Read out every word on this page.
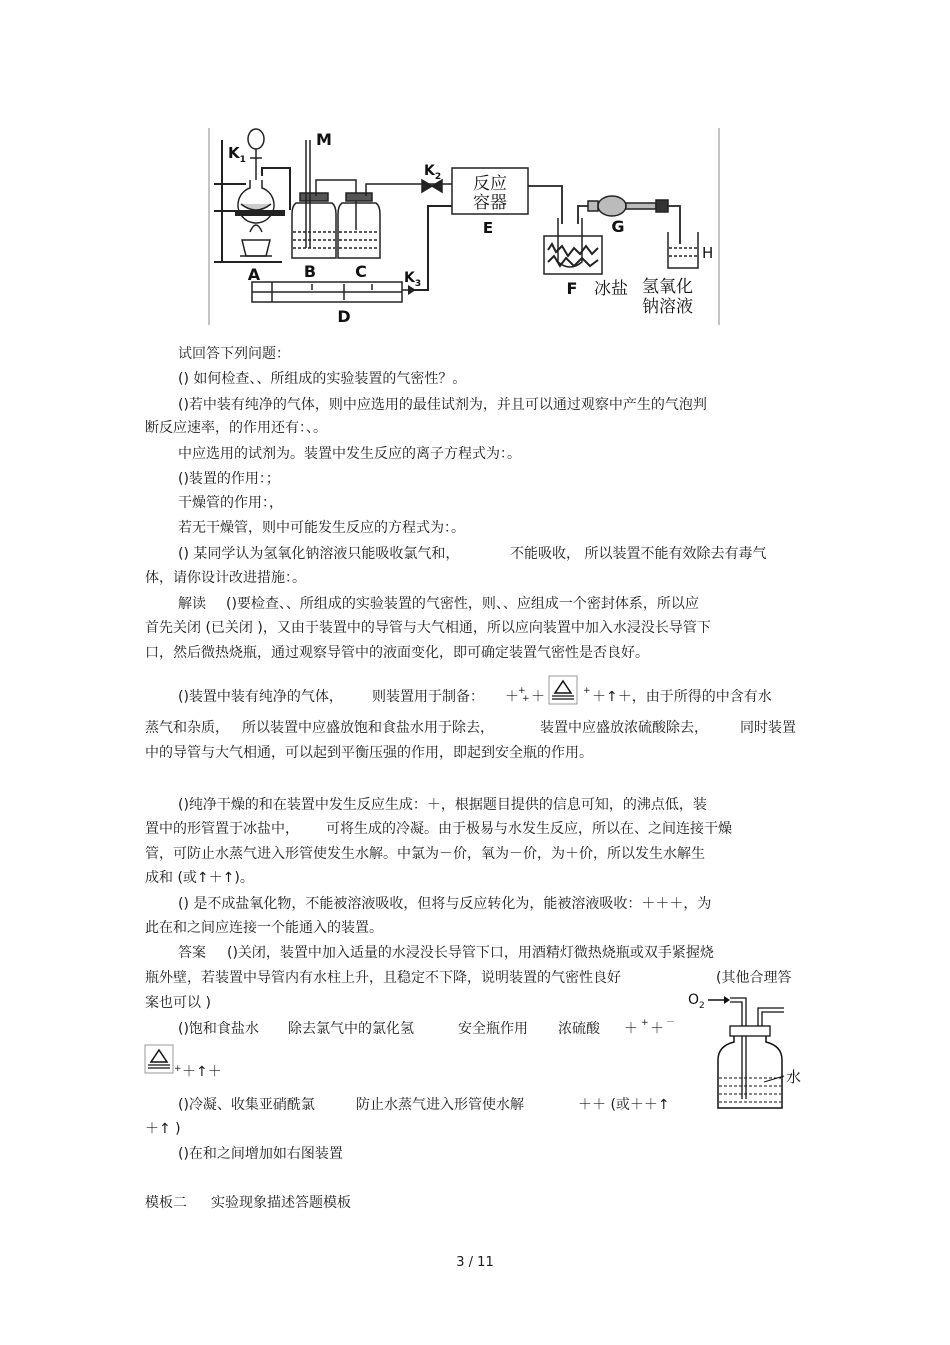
$K_1$
M
$K_2$ 反应
容器
E
A	B C	$K_3$
D
F 冰盐
G
H
氢氧化
钠溶液
试回答下列问题：
() 如何检查、、所组成的实验装置的气密性？。
()若中装有纯净的气体，则中应选用的最佳试剂为，并且可以通过观察中产生的气泡判
断反应速率，的作用还有：、。
中应选用的试剂为。装置中发生反应的离子方程式为：。
()装置的作用：；
干燥管的作用：，
若无干燥管，则中可能发生反应的方程式为：。
() 某同学认为氢氧化钠溶液只能吸收氯气和，	不能吸收， 所以装置不能有效除去有毒气
体，请你设计改进措施：。
解读 ()要检查、、所组成的实验装置的气密性，则、、应组成一个密封体系，所以应
首先关闭 (已关闭 )，又由于装置中的导管与大气相通，所以应向装置中加入水浸没长导管下
口，然后微热烧瓶，通过观察导管中的液面变化，即可确定装置气密性是否良好。
()装置中装有纯净的气体， 则装置用于制备： ＋ +
+ ＋	+ ＋↑＋，由于所得的中含有水
蒸气和杂质， 所以装置中应盛放饱和食盐水用于除去，	装置中应盛放浓硫酸除去， 同时装置
中的导管与大气相通，可以起到平衡压强的作用，即起到安全瓶的作用。
()纯净干燥的和在装置中发生反应生成：＋，根据题目提供的信息可知，的沸点低，装
置中的形管置于冰盐中， 可将生成的冷凝。由于极易与水发生反应，所以在、之间连接干燥
管，可防止水蒸气进入形管使发生水解。中氯为－价，氧为－价，为＋价，所以发生水解生
成和 (或↑＋↑)。
() 是不成盐氧化物，不能被溶液吸收，但将与反应转化为，能被溶液吸收：＋＋＋，为
此在和之间应连接一个能通入的装置。
答案 ()关闭，装置中加入适量的水浸没长导管下口，用酒精灯微热烧瓶或双手紧握烧
瓶外壁，若装置中导管内有水柱上升，且稳定不下降，说明装置的气密性良好	(其他合理答
案也可以 )
()饱和食盐水 除去氯气中的氯化氢	安全瓶作用 浓硫酸 ＋ + ＋ －
+ ＋↑＋
()冷凝、收集亚硝酰氯	防止水蒸气进入形管使水解	＋＋ (或＋＋↑
＋↑ )
()在和之间增加如右图装置
模板二 实验现象描述答题模板
$O_2$
水
3 / 11
